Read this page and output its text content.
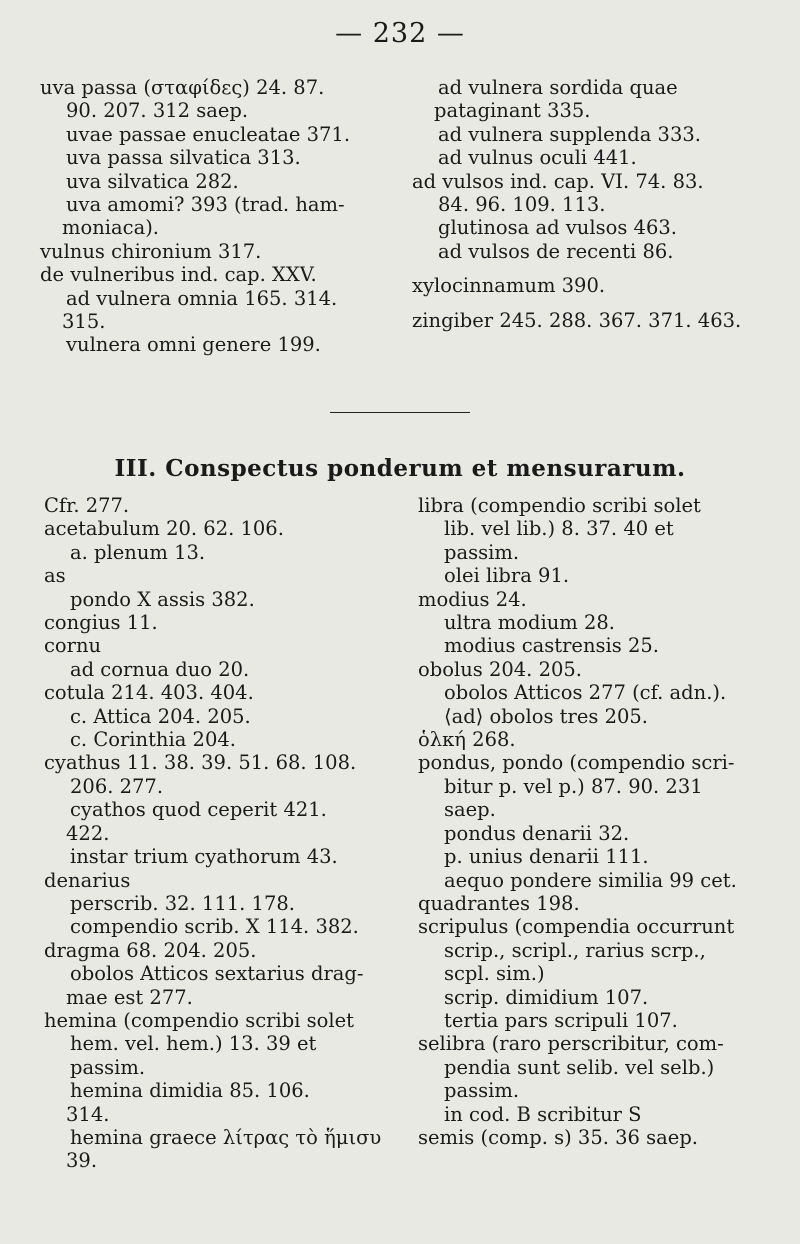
— 232 —
uva passa (σταφίδες) 24. 87.
90. 207. 312 saep.
uvae passae enucleatae 371.
uva passa silvatica 313.
uva silvatica 282.
uva amomi? 393 (trad. ham-
moniaca).
vulnus chironium 317.
de vulneribus ind. cap. XXV.
ad vulnera omnia 165. 314.
315.
vulnera omni genere 199.
ad vulnera sordida quae
pataginant 335.
ad vulnera supplenda 333.
ad vulnus oculi 441.
ad vulsos ind. cap. VI. 74. 83.
84. 96. 109. 113.
glutinosa ad vulsos 463.
ad vulsos de recenti 86.
xylocinnamum 390.
zingiber 245. 288. 367. 371. 463.
III. Conspectus ponderum et mensurarum.
Cfr. 277.
acetabulum 20. 62. 106.
a. plenum 13.
as
pondo X assis 382.
congius 11.
cornu
ad cornua duo 20.
cotula 214. 403. 404.
c. Attica 204. 205.
c. Corinthia 204.
cyathus 11. 38. 39. 51. 68. 108.
206. 277.
cyathos quod ceperit 421.
422.
instar trium cyathorum 43.
denarius
perscrib. 32. 111. 178.
compendio scrib. X 114. 382.
dragma 68. 204. 205.
obolos Atticos sextarius drag-
mae est 277.
hemina (compendio scribi solet
hem. vel. hem.) 13. 39 et
passim.
hemina dimidia 85. 106.
314.
hemina graece λίτρας τὸ ἥμισυ
39.
libra (compendio scribi solet
lib. vel lib.) 8. 37. 40 et
passim.
olei libra 91.
modius 24.
ultra modium 28.
modius castrensis 25.
obolus 204. 205.
obolos Atticos 277 (cf. adn.).
⟨ad⟩ obolos tres 205.
ὁλκή 268.
pondus, pondo (compendio scri-
bitur p. vel p.) 87. 90. 231
saep.
pondus denarii 32.
p. unius denarii 111.
aequo pondere similia 99 cet.
quadrantes 198.
scripulus (compendia occurrunt
scrip., scripl., rarius scrp.,
scpl. sim.)
scrip. dimidium 107.
tertia pars scripuli 107.
selibra (raro perscribitur, com-
pendia sunt selib. vel selb.)
passim.
in cod. B scribitur S
semis (comp. s) 35. 36 saep.
